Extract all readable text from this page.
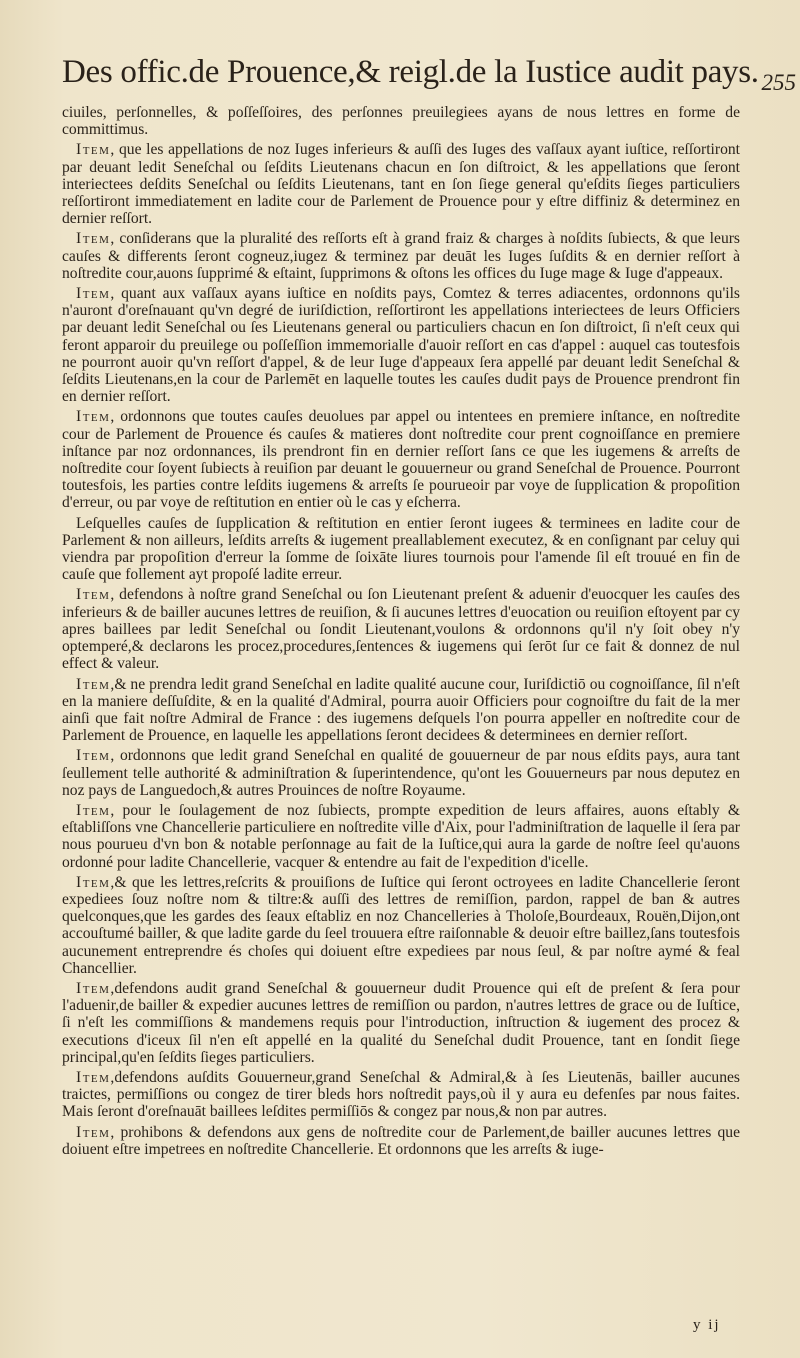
Des offic.de Prouence,& reigl.de la Iustice audit pays. 255

ciuiles, perſonnelles, & poſſeſſoires, des perſonnes preuilegiees ayans de nous lettres en forme de committimus.

Item, que les appellations de noz Iuges inferieurs & auſſi des Iuges des vaſſaux ayant iuſtice, reſſortiront par deuant ledit Seneſchal ou ſeſdits Lieutenans chacun en ſon diſtroict, & les appellations que ſeront interiectees deſdits Seneſchal ou ſeſdits Lieutenans, tant en ſon ſiege general qu'eſdits ſieges particuliers reſſortiront immediatement en ladite cour de Parlement de Prouence pour y eſtre diffiniz & determinez en dernier reſſort.

Item, conſiderans que la pluralité des reſſorts eſt à grand fraiz & charges à noſdits ſubiects, & que leurs cauſes & differents ſeront cogneuz,iugez & terminez par deuāt les Iuges ſuſdits & en dernier reſſort à noſtredite cour,auons ſupprimé & eſtaint, ſupprimons & oſtons les offices du Iuge mage & Iuge d'appeaux.

Item, quant aux vaſſaux ayans iuſtice en noſdits pays, Comtez & terres adiacentes, ordonnons qu'ils n'auront d'oreſnauant qu'vn degré de iuriſdiction, reſſortiront les appellations interiectees de leurs Officiers par deuant ledit Seneſchal ou ſes Lieutenans general ou particuliers chacun en ſon diſtroict, ſi n'eſt ceux qui feront apparoir du preuilege ou poſſeſſion immemorialle d'auoir reſſort en cas d'appel : auquel cas toutesfois ne pourront auoir qu'vn reſſort d'appel, & de leur Iuge d'appeaux ſera appellé par deuant ledit Seneſchal & ſeſdits Lieutenans,en la cour de Parlemēt en laquelle toutes les cauſes dudit pays de Prouence prendront fin en dernier reſſort.

Item, ordonnons que toutes cauſes deuolues par appel ou intentees en premiere inſtance, en noſtredite cour de Parlement de Prouence és cauſes & matieres dont noſtredite cour prent cognoiſſance en premiere inſtance par noz ordonnances, ils prendront fin en dernier reſſort ſans ce que les iugemens & arreſts de noſtredite cour ſoyent ſubiects à reuiſion par deuant le gouuerneur ou grand Seneſchal de Prouence. Pourront toutesfois, les parties contre leſdits iugemens & arreſts ſe pourueoir par voye de ſupplication & propoſition d'erreur, ou par voye de reſtitution en entier où le cas y eſcherra.

Leſquelles cauſes de ſupplication & reſtitution en entier ſeront iugees & terminees en ladite cour de Parlement & non ailleurs, leſdits arreſts & iugement preallablement executez, & en conſignant par celuy qui viendra par propoſition d'erreur la ſomme de ſoixāte liures tournois pour l'amende ſil eſt trouué en fin de cauſe que follement ayt propoſé ladite erreur.

Item, defendons à noſtre grand Seneſchal ou ſon Lieutenant preſent & aduenir d'euocquer les cauſes des inferieurs & de bailler aucunes lettres de reuiſion, & ſi aucunes lettres d'euocation ou reuiſion eſtoyent par cy apres baillees par ledit Seneſchal ou ſondit Lieutenant,voulons & ordonnons qu'il n'y ſoit obey n'y optemperé,& declarons les procez,procedures,ſentences & iugemens qui ſerōt ſur ce fait & donnez de nul effect & valeur.

Item,& ne prendra ledit grand Seneſchal en ladite qualité aucune cour, Iuriſdictiō ou cognoiſſance, ſil n'eſt en la maniere deſſuſdite, & en la qualité d'Admiral, pourra auoir Officiers pour cognoiſtre du fait de la mer ainſi que fait noſtre Admiral de France : des iugemens deſquels l'on pourra appeller en noſtredite cour de Parlement de Prouence, en laquelle les appellations ſeront decidees & determinees en dernier reſſort.

Item, ordonnons que ledit grand Seneſchal en qualité de gouuerneur de par nous eſdits pays, aura tant ſeullement telle authorité & adminiſtration & ſuperintendence, qu'ont les Gouuerneurs par nous deputez en noz pays de Languedoch,& autres Prouinces de noſtre Royaume.

Item, pour le ſoulagement de noz ſubiects, prompte expedition de leurs affaires, auons eſtably & eſtabliſſons vne Chancellerie particuliere en noſtredite ville d'Aix, pour l'adminiſtration de laquelle il ſera par nous pourueu d'vn bon & notable perſonnage au fait de la Iuſtice,qui aura la garde de noſtre ſeel qu'auons ordonné pour ladite Chancellerie, vacquer & entendre au fait de l'expedition d'icelle.

Item,& que les lettres,reſcrits & prouiſions de Iuſtice qui ſeront octroyees en ladite Chancellerie ſeront expediees ſouz noſtre nom & tiltre:& auſſi des lettres de remiſſion, pardon, rappel de ban & autres quelconques,que les gardes des ſeaux eſtabliz en noz Chancelleries à Tholoſe,Bourdeaux, Rouën,Dijon,ont accouſtumé bailler, & que ladite garde du ſeel trouuera eſtre raiſonnable & deuoir eſtre baillez,ſans toutesfois aucunement entreprendre és choſes qui doiuent eſtre expediees par nous ſeul, & par noſtre aymé & feal Chancellier.

Item,defendons audit grand Seneſchal & gouuerneur dudit Prouence qui eſt de preſent & ſera pour l'aduenir,de bailler & expedier aucunes lettres de remiſſion ou pardon, n'autres lettres de grace ou de Iuſtice, ſi n'eſt les commiſſions & mandemens requis pour l'introduction, inſtruction & iugement des procez & executions d'iceux ſil n'en eſt appellé en la qualité du Seneſchal dudit Prouence, tant en ſondit ſiege principal,qu'en ſeſdits ſieges particuliers.

Item,defendons auſdits Gouuerneur,grand Seneſchal & Admiral,& à ſes Lieutenās, bailler aucunes traictes, permiſſions ou congez de tirer bleds hors noſtredit pays,où il y aura eu defenſes par nous faites. Mais ſeront d'oreſnauāt baillees leſdites permiſſiōs & congez par nous,& non par autres.

Item, prohibons & defendons aux gens de noſtredite cour de Parlement,de bailler aucunes lettres que doiuent eſtre impetrees en noſtredite Chancellerie. Et ordonnons que les arreſts & iuge-

y ij
